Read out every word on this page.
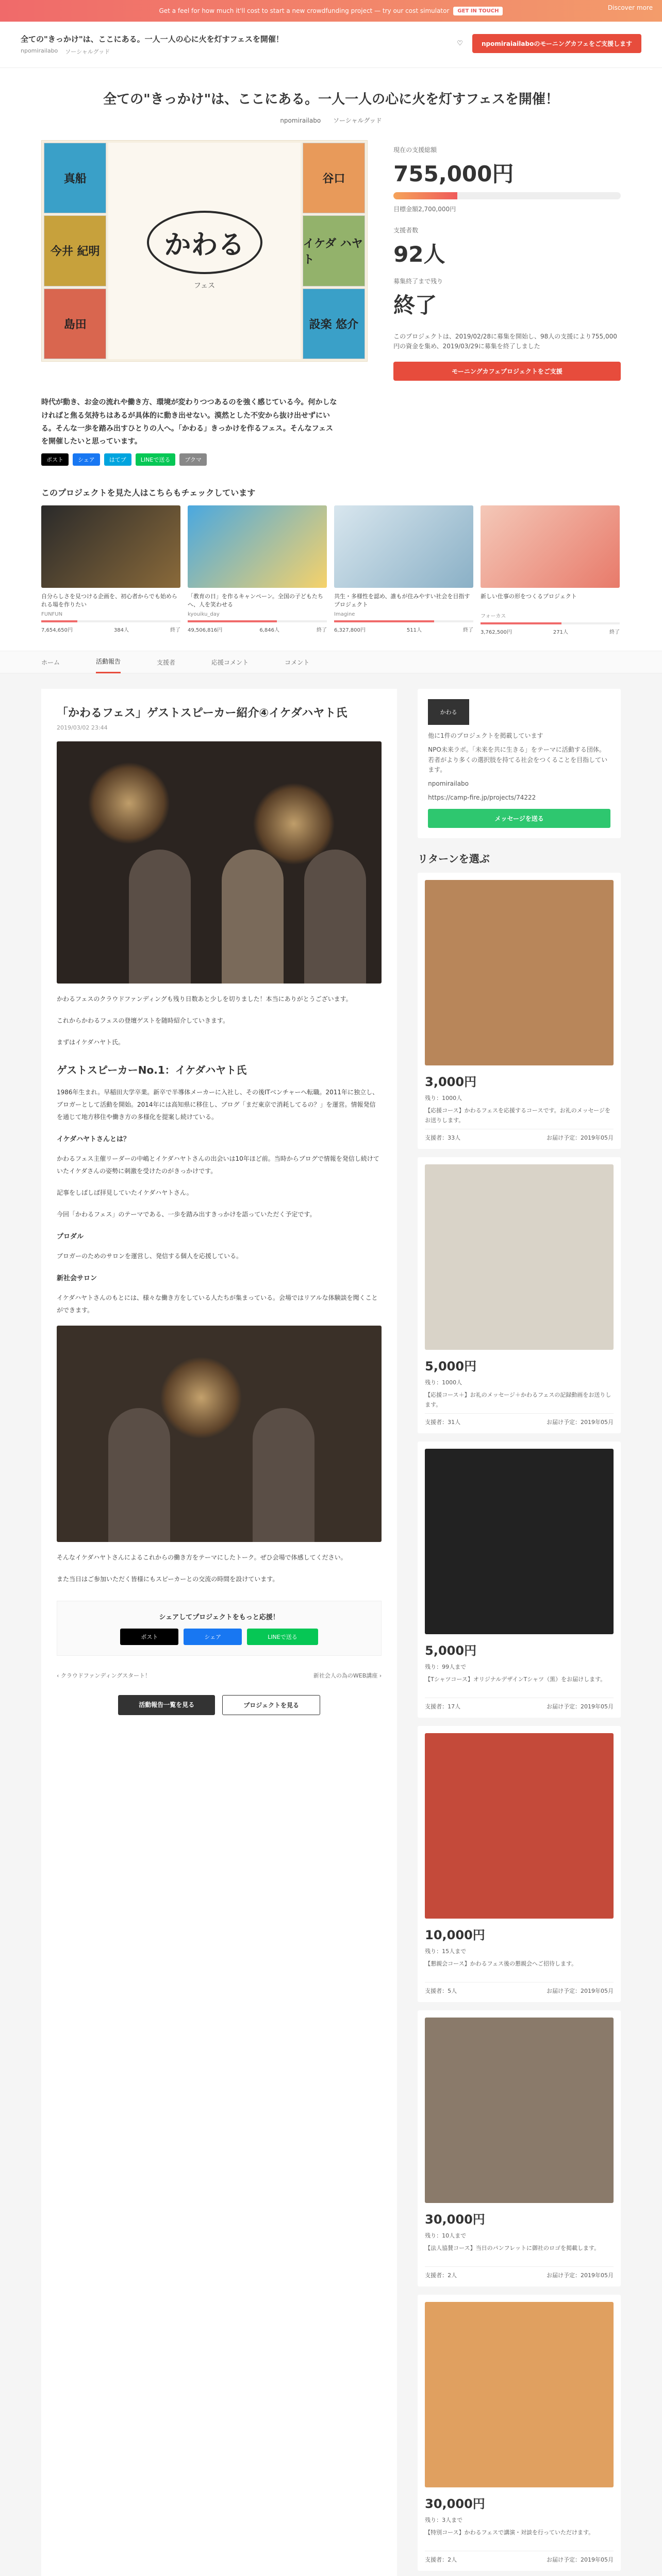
Get a feel for how much it'll cost to start a new crowdfunding project — try our cost simulator	GET IN TOUCH	Discover more
全ての"きっかけ"は、ここにある。一人一人の心に火を灯すフェスを開催！
npomirailabo ソーシャルグッド
♡	npomiraiailaboのモーニングカフェをご支援します
全ての"きっかけ"は、ここにある。一人一人の心に火を灯すフェスを開催！
npomirailabo ソーシャルグッド
真船
かわる
フェス
谷口
今井 紀明
イケダ ハヤト
島田	設楽 悠介
現在の支援総額
755,000円
目標金額2,700,000円
支援者数
92人
募集終了まで残り
終了
このプロジェクトは、2019/02/28に募集を開始し、98人の支援により755,000円の資金を集め、2019/03/29に募集を終了しました
モーニングカフェプロジェクトをご支援
時代が動き、お金の流れや働き方、環境が変わりつつあるのを強く感じている今。何かしなければと焦る気持ちはあるが具体的に動き出せない。漠然とした不安から抜け出せずにいる。そんな一歩を踏み出すひとりの人へ。「かわる」きっかけを作るフェス。そんなフェスを開催したいと思っています。
ポスト	シェア	はてブ	LINEで送る	ブクマ
このプロジェクトを見た人はこちらもチェックしています
自分らしさを見つける企画を、初心者からでも始められる場を作りたい
FUNFUN
7,654,650円	384人	終了
「教育の日」を作るキャンペーン。全国の子どもたちへ、人を笑わせる
kyouiku_day
49,506,816円	6,846人	終了
共生・多様性を認め、誰もが住みやすい社会を目指すプロジェクト
Imagine
6,327,800円	511人	終了
新しい仕事の形をつくるプロジェクト
フォーカス
3,762,500円	271人	終了
ホーム	活動報告	支援者	応援コメント	コメント
「かわるフェス」ゲストスピーカー紹介④イケダハヤト氏
2019/03/02 23:44

かわるフェスのクラウドファンディングも残り日数あと少しを切りました！本当にありがとうございます。

これからかわるフェスの登壇ゲストを随時紹介していきます。

まずはイケダハヤト氏。

ゲストスピーカーNo.1：イケダハヤト氏

1986年生まれ。早稲田大学卒業。新卒で半導体メーカーに入社し、その後ITベンチャーへ転職。2011年に独立し、ブロガーとして活動を開始。2014年には高知県に移住し、ブログ「まだ東京で消耗してるの？」を運営。情報発信を通じて地方移住や働き方の多様化を提案し続けている。

イケダハヤトさんとは？

かわるフェス主催リーダーの中嶋とイケダハヤトさんの出会いは10年ほど前。当時からブログで情報を発信し続けていたイケダさんの姿勢に刺激を受けたのがきっかけです。

記事をしばしば拝見していたイケダハヤトさん。

今回「かわるフェス」のテーマである、一歩を踏み出すきっかけを語っていただく予定です。

プロダル

ブロガーのためのサロンを運営し、発信する個人を応援している。

新社会サロン

イケダハヤトさんのもとには、様々な働き方をしている人たちが集まっている。会場ではリアルな体験談を聞くことができます。

そんなイケダハヤトさんによるこれからの働き方をテーマにしたトーク。ぜひ会場で体感してください。

また当日はご参加いただく皆様にもスピーカーとの交流の時間を設けています。

シェアしてプロジェクトをもっと応援！
ポスト	シェア	LINEで送る
‹ クラウドファンディングスタート！	新社会人の為のWEB講座 ›
活動報告一覧を見る	プロジェクトを見る
かわる
他に1件のプロジェクトを掲載しています
NPO未来ラボ。「未来を共に生きる」をテーマに活動する団体。若者がより多くの選択肢を持てる社会をつくることを目指しています。
npomirailabo
https://camp-fire.jp/projects/74222
メッセージを送る
リターンを選ぶ
3,000円
残り：1000人
【応援コース】かわるフェスを応援するコースです。お礼のメッセージをお送りします。
支援者：33人	お届け予定：2019年05月
5,000円
残り：1000人
【応援コース＋】お礼のメッセージ＋かわるフェスの記録動画をお送りします。
支援者：31人	お届け予定：2019年05月
5,000円
残り：99人まで
【Tシャツコース】オリジナルデザインTシャツ（黒）をお届けします。
支援者：17人	お届け予定：2019年05月
10,000円
残り：15人まで
【懇親会コース】かわるフェス後の懇親会へご招待します。
支援者：5人	お届け予定：2019年05月
30,000円
残り：10人まで
【法人協賛コース】当日のパンフレットに御社のロゴを掲載します。
支援者：2人	お届け予定：2019年05月
30,000円
残り：3人まで
【特別コース】かわるフェスで講演・対談を行っていただけます。
支援者：2人	お届け予定：2019年05月
